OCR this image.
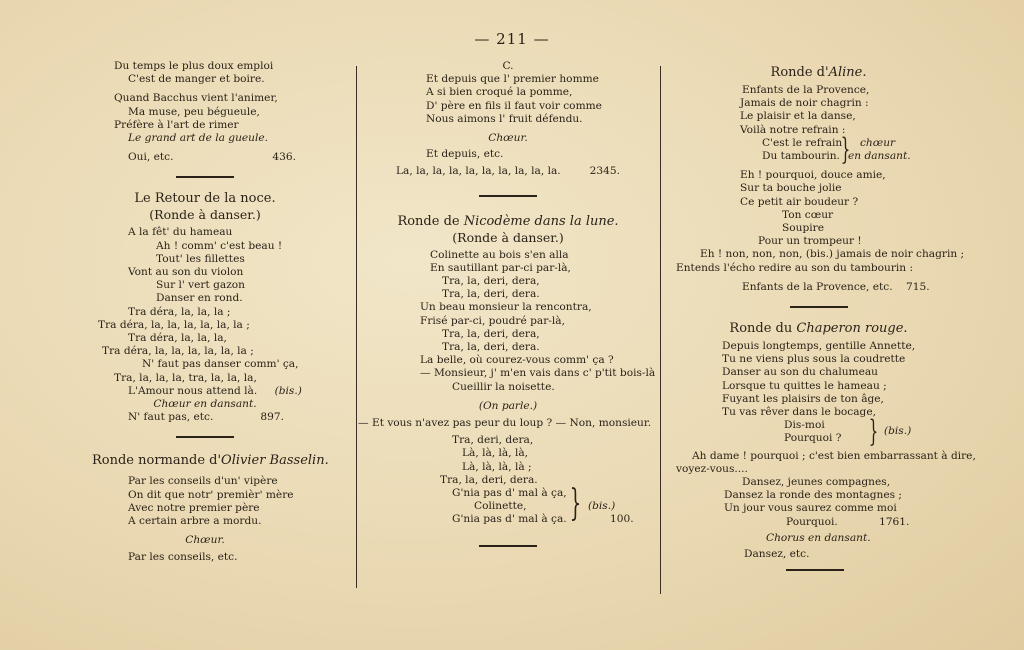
— 211 —
Du temps le plus doux emploi
C'est de manger et boire.
Quand Bacchus vient l'animer,
Ma muse, peu bégueule,
Préfère à l'art de rimer
Le grand art de la gueule.
Oui, etc.	436.
Le Retour de la noce.
(Ronde à danser.)
A la fêt' du hameau
Ah ! comm' c'est beau !
Tout' les fillettes
Vont au son du violon
Sur l' vert gazon
Danser en rond.
Tra déra, la, la, la ;
Tra déra, la, la, la, la, la, la ;
Tra déra, la, la, la,
Tra déra, la, la, la, la, la, la ;
N' faut pas danser comm' ça,
Tra, la, la, la, tra, la, la, la,
L'Amour nous attend là. (bis.)
Chœur en dansant.
N' faut pas, etc.	897.
Ronde normande d'Olivier Basselin.
Par les conseils d'un' vipère
On dit que notr' premièr' mère
Avec notre premier père
A certain arbre a mordu.
Chœur.
Par les conseils, etc.
C.
Et depuis que l' premier homme
A si bien croqué la pomme,
D' père en fils il faut voir comme
Nous aimons l' fruit défendu.
Chœur.
Et depuis, etc.
La, la, la, la, la, la, la, la, la, la.	2345.
Ronde de Nicodème dans la lune.
(Ronde à danser.)
Colinette au bois s'en alla
En sautillant par-ci par-là,
Tra, la, deri, dera,
Tra, la, deri, dera.
Un beau monsieur la rencontra,
Frisé par-ci, poudré par-là,
Tra, la, deri, dera,
Tra, la, deri, dera.
La belle, où courez-vous comm' ça ?
— Monsieur, j' m'en vais dans c' p'tit bois-là
Cueillir la noisette.
(On parle.)
— Et vous n'avez pas peur du loup ? — Non, monsieur.
Tra, deri, dera,
Là, là, là, là,
Là, là, là, là ;
Tra, la, deri, dera.
G'nia pas d' mal à ça,
Colinette,
G'nia pas d' mal à ça. } (bis.)
100.
Ronde d'Aline.
Enfants de la Provence,
Jamais de noir chagrin :
Le plaisir et la danse,
Voilà notre refrain :
C'est le refrain
Du tambourin. } chœur
en dansant.
Eh ! pourquoi, douce amie,
Sur ta bouche jolie
Ce petit air boudeur ?
Ton cœur
Soupire
Pour un trompeur !
Eh ! non, non, non, (bis.) jamais de noir chagrin ;
Entends l'écho redire au son du tambourin :
Enfants de la Provence, etc. 715.
Ronde du Chaperon rouge.
Depuis longtemps, gentille Annette,
Tu ne viens plus sous la coudrette
Danser au son du chalumeau
Lorsque tu quittes le hameau ;
Fuyant les plaisirs de ton âge,
Tu vas rêver dans le bocage,
Dis-moi
Pourquoi ? } (bis.)
Ah dame ! pourquoi ; c'est bien embarrassant à dire,
voyez-vous....
Dansez, jeunes compagnes,
Dansez la ronde des montagnes ;
Un jour vous saurez comme moi
Pourquoi.	1761.
Chorus en dansant.
Dansez, etc.
